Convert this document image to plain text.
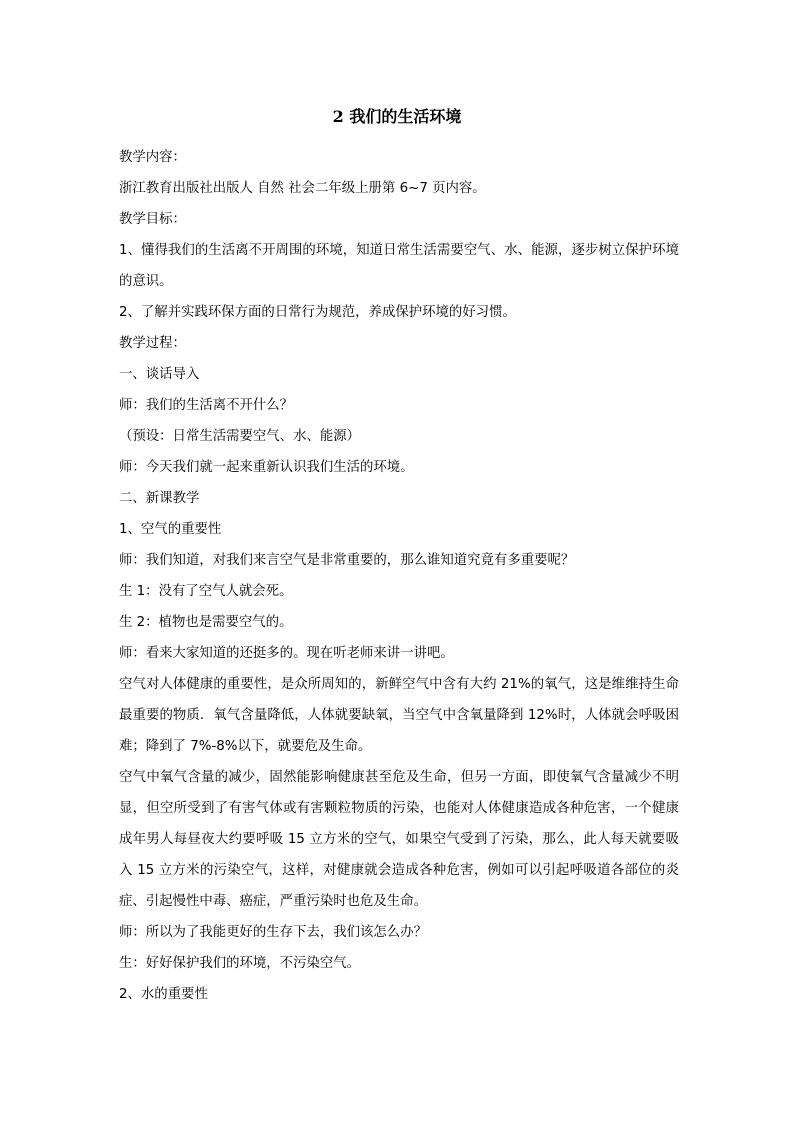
2 我们的生活环境

教学内容：

浙江教育出版社出版人 自然 社会二年级上册第 6~7 页内容。

教学目标：

1、懂得我们的生活离不开周围的环境，知道日常生活需要空气、水、能源，逐步树立保护环境的意识。

2、了解并实践环保方面的日常行为规范，养成保护环境的好习惯。

教学过程：

一、谈话导入

师：我们的生活离不开什么？

（预设：日常生活需要空气、水、能源）

师：今天我们就一起来重新认识我们生活的环境。

二、新课教学

1、空气的重要性

师：我们知道，对我们来言空气是非常重要的，那么谁知道究竟有多重要呢？

生 1：没有了空气人就会死。

生 2：植物也是需要空气的。

师：看来大家知道的还挺多的。现在听老师来讲一讲吧。

空气对人体健康的重要性，是众所周知的，新鲜空气中含有大约 21%的氧气，这是维维持生命最重要的物质．氧气含量降低，人体就要缺氧，当空气中含氧量降到 12%时，人体就会呼吸困难；降到了 7%-8%以下，就要危及生命。

空气中氧气含量的减少，固然能影响健康甚至危及生命，但另一方面，即使氧气含量减少不明显，但空所受到了有害气体或有害颗粒物质的污染，也能对人体健康造成各种危害，一个健康成年男人每昼夜大约要呼吸 15 立方米的空气，如果空气受到了污染，那么，此人每天就要吸入 15 立方米的污染空气，这样，对健康就会造成各种危害，例如可以引起呼吸道各部位的炎症、引起慢性中毒、癌症，严重污染时也危及生命。

师：所以为了我能更好的生存下去，我们该怎么办？

生：好好保护我们的环境，不污染空气。

2、水的重要性
